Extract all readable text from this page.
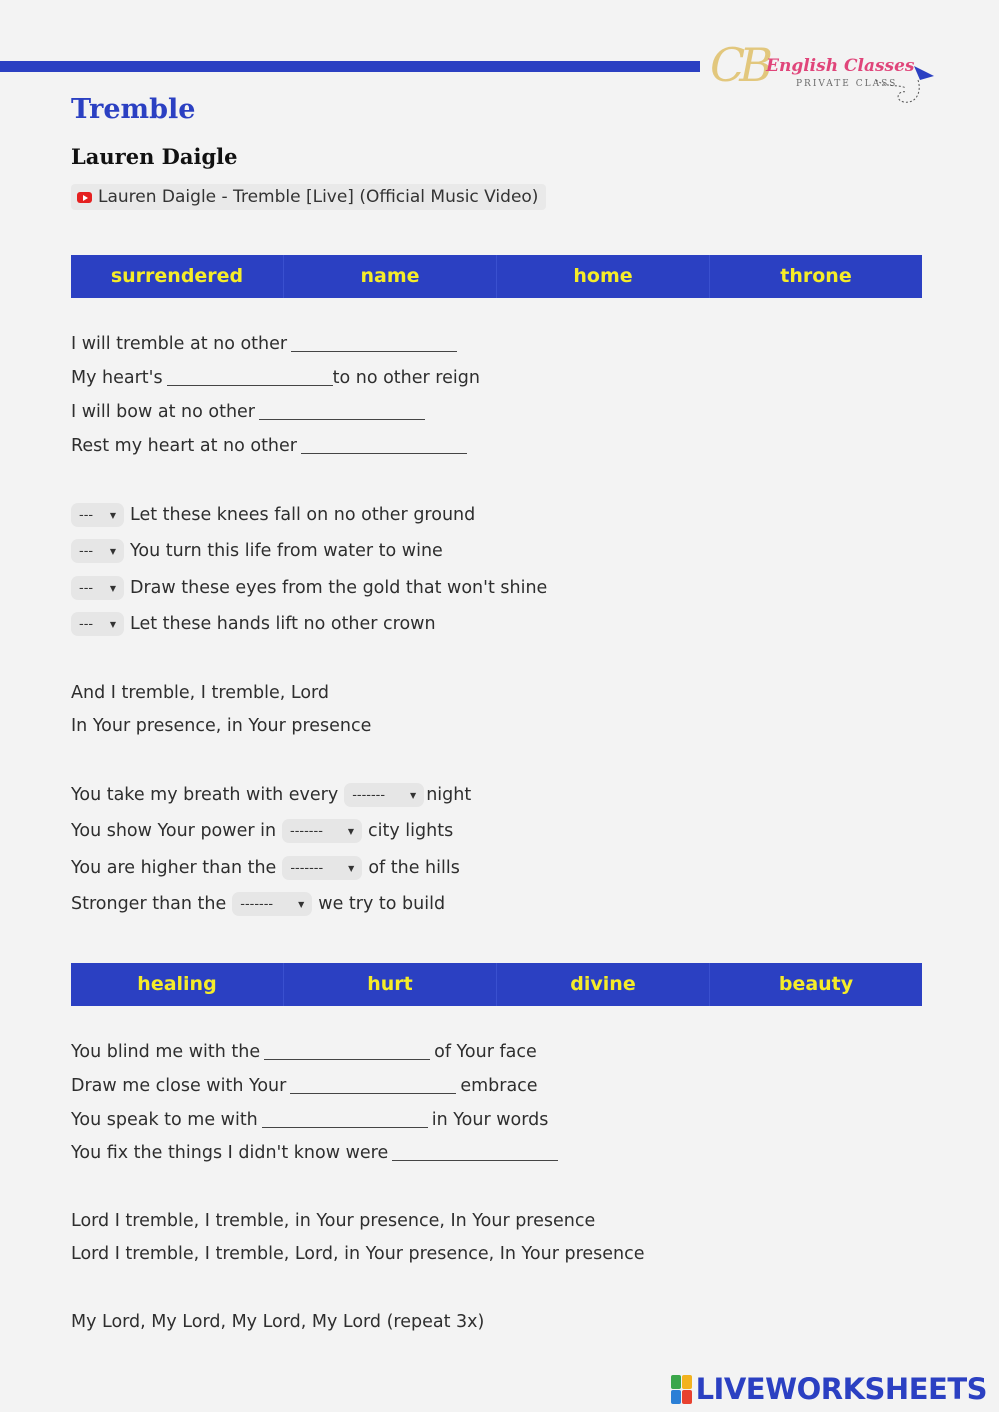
CB English Classes
PRIVATE CLASS
Tremble
Lauren Daigle
Lauren Daigle - Tremble [Live] (Official Music Video)
surrendered	name	home	throne
I will tremble at no other
My heart's	to no other reign
I will bow at no other
Rest my heart at no other
--- ▼ Let these knees fall on no other ground
--- ▼ You turn this life from water to wine
--- ▼ Draw these eyes from the gold that won't shine
--- ▼ Let these hands lift no other crown
And I tremble, I tremble, Lord
In Your presence, in Your presence
You take my breath with every -------	▼ night
You show Your power in -------	▼ city lights
You are higher than the -------	▼ of the hills
Stronger than the -------	▼ we try to build
healing	hurt	divine	beauty
You blind me with the	of Your face
Draw me close with Your	embrace
You speak to me with	in Your words
You fix the things I didn't know were
Lord I tremble, I tremble, in Your presence, In Your presence
Lord I tremble, I tremble, Lord, in Your presence, In Your presence
My Lord, My Lord, My Lord, My Lord (repeat 3x)
LIVEWORKSHEETS
